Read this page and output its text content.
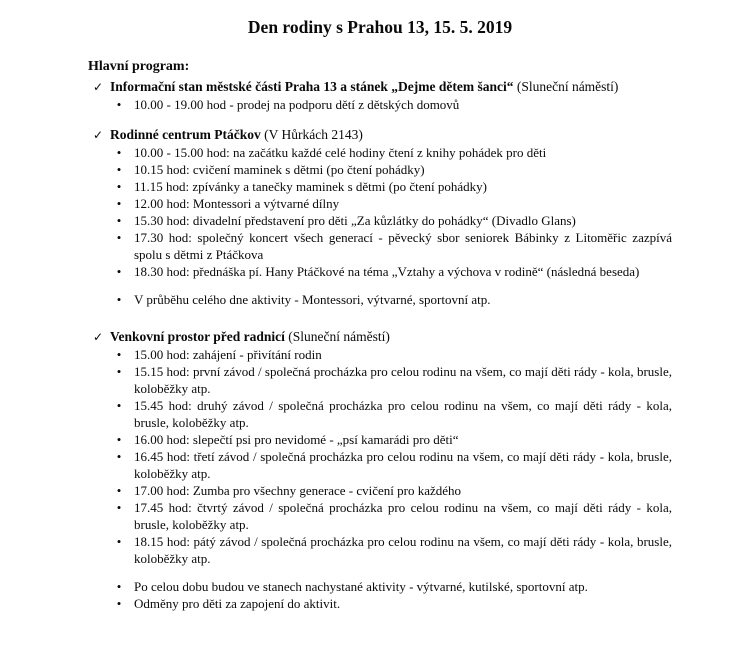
Den rodiny s Prahou 13, 15. 5. 2019
Hlavní program:
✓ Informační stan městské části Praha 13 a stánek „Dejme dětem šanci“ (Sluneční náměstí)
• 10.00 - 19.00 hod - prodej na podporu dětí z dětských domovů
✓ Rodinné centrum Ptáčkov (V Hůrkách 2143)
• 10.00 - 15.00 hod: na začátku každé celé hodiny čtení z knihy pohádek pro děti
• 10.15 hod: cvičení maminek s dětmi (po čtení pohádky)
• 11.15 hod: zpívánky a tanečky maminek s dětmi (po čtení pohádky)
• 12.00 hod: Montessori a výtvarné dílny
• 15.30 hod: divadelní představení pro děti „Za kůzlátky do pohádky“ (Divadlo Glans)
• 17.30 hod: společný koncert všech generací - pěvecký sbor seniorek Bábinky z Litoměřic zazpívá spolu s dětmi z Ptáčkova
• 18.30 hod: přednáška pí. Hany Ptáčkové na téma „Vztahy a výchova v rodině“ (následná beseda)
• V průběhu celého dne aktivity - Montessori, výtvarné, sportovní atp.
✓ Venkovní prostor před radnicí (Sluneční náměstí)
• 15.00 hod: zahájení - přivítání rodin
• 15.15 hod: první závod / společná procházka pro celou rodinu na všem, co mají děti rády - kola, brusle, koloběžky atp.
• 15.45 hod: druhý závod / společná procházka pro celou rodinu na všem, co mají děti rády - kola, brusle, koloběžky atp.
• 16.00 hod: slepečtí psi pro nevidomé - „psí kamarádi pro děti“
• 16.45 hod: třetí závod / společná procházka pro celou rodinu na všem, co mají děti rády - kola, brusle, koloběžky atp.
• 17.00 hod: Zumba pro všechny generace - cvičení pro každého
• 17.45 hod: čtvrtý závod / společná procházka pro celou rodinu na všem, co mají děti rády - kola, brusle, koloběžky atp.
• 18.15 hod: pátý závod / společná procházka pro celou rodinu na všem, co mají děti rády - kola, brusle, koloběžky atp.
• Po celou dobu budou ve stanech nachystané aktivity - výtvarné, kutilské, sportovní atp.
• Odměny pro děti za zapojení do aktivit.
